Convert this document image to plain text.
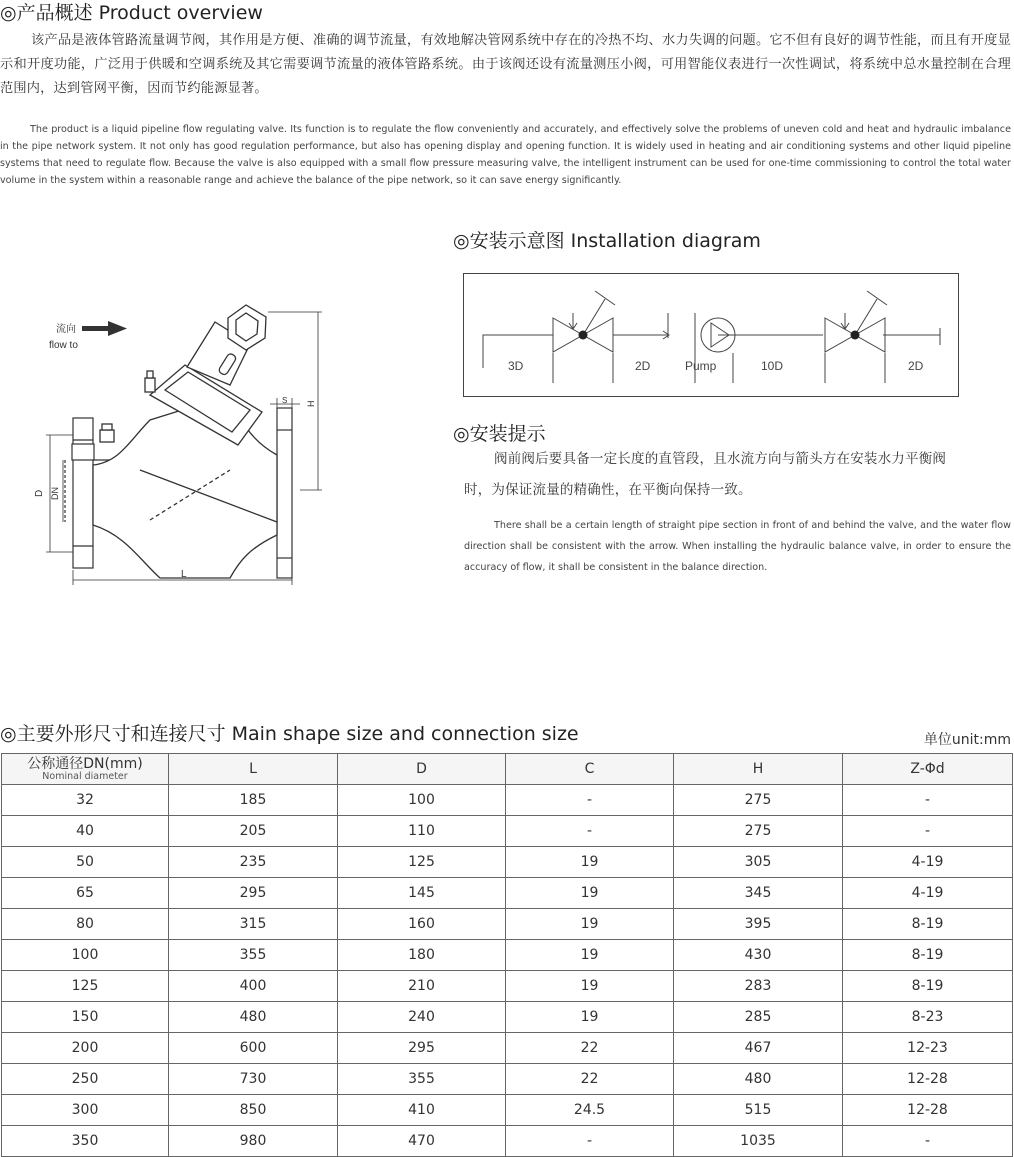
◎产品概述 Product overview
该产品是液体管路流量调节阀，其作用是方便、准确的调节流量，有效地解决管网系统中存在的冷热不均、水力失调的问题。它不但有良好的调节性能，而且有开度显示和开度功能，广泛用于供暖和空调系统及其它需要调节流量的液体管路系统。由于该阀还设有流量测压小阀，可用智能仪表进行一次性调试，将系统中总水量控制在合理范围内，达到管网平衡，因而节约能源显著。
The product is a liquid pipeline flow regulating valve. Its function is to regulate the flow conveniently and accurately, and effectively solve the problems of uneven cold and heat and hydraulic imbalance in the pipe network system. It not only has good regulation performance, but also has opening display and opening function. It is widely used in heating and air conditioning systems and other liquid pipeline systems that need to regulate flow. Because the valve is also equipped with a small flow pressure measuring valve, the intelligent instrument can be used for one-time commissioning to control the total water volume in the system within a reasonable range and achieve the balance of the pipe network, so it can save energy significantly.
流向
flow to
D DN
L
H
S
◎安装示意图 Installation diagram
3D	2D	Pump	10D	2D
◎安装提示
阀前阀后要具备一定长度的直管段，且水流方向与箭头方在安装水力平衡阀
时，为保证流量的精确性，在平衡向保持一致。
There shall be a certain length of straight pipe section in front of and behind the valve, and the water flow direction shall be consistent with the arrow. When installing the hydraulic balance valve, in order to ensure the accuracy of flow, it shall be consistent in the balance direction.
◎主要外形尺寸和连接尺寸 Main shape size and connection size	单位unit:mm
公称通径DN(mm)
Nominal diameter	L	D	C	H	Z-Φd
32	185	100	-	275	-
40	205	110	-	275	-
50	235	125	19	305	4-19
65	295	145	19	345	4-19
80	315	160	19	395	8-19
100	355	180	19	430	8-19
125	400	210	19	283	8-19
150	480	240	19	285	8-23
200	600	295	22	467	12-23
250	730	355	22	480	12-28
300	850	410	24.5	515	12-28
350	980	470	-	1035	-
